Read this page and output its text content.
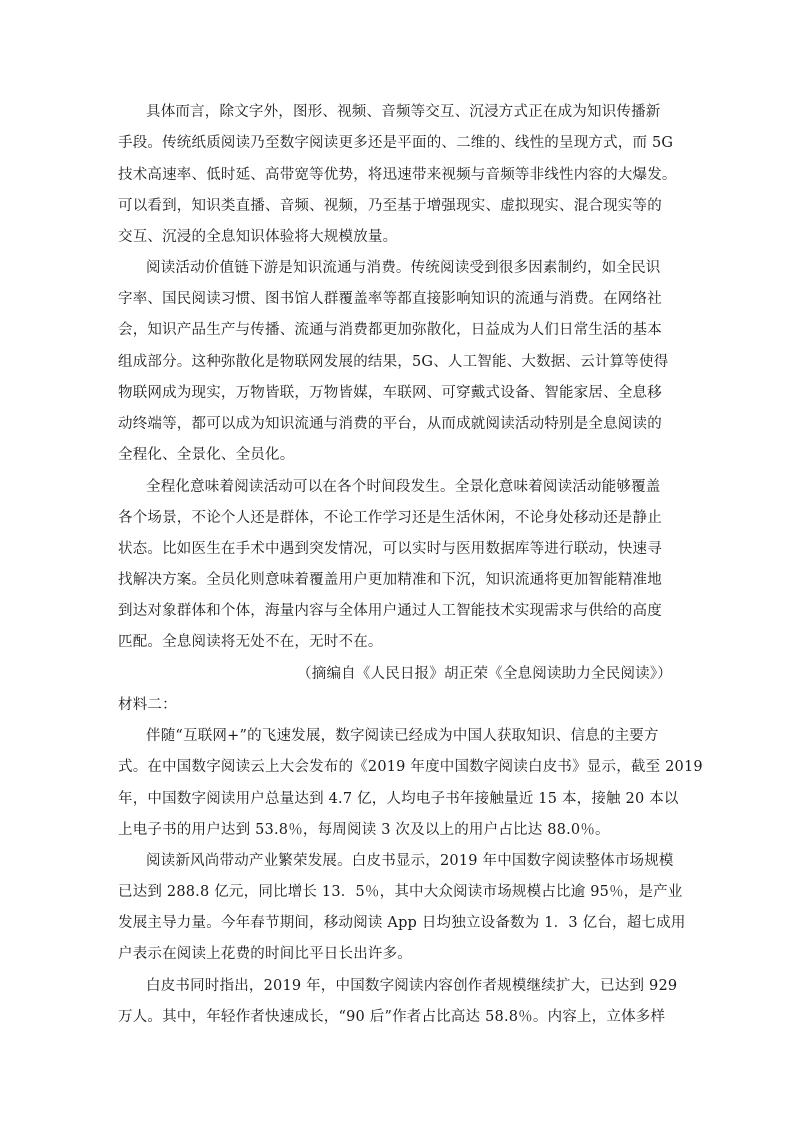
具体而言，除文字外，图形、视频、音频等交互、沉浸方式正在成为知识传播新
手段。传统纸质阅读乃至数字阅读更多还是平面的、二维的、线性的呈现方式，而 5G
技术高速率、低时延、高带宽等优势，将迅速带来视频与音频等非线性内容的大爆发。
可以看到，知识类直播、音频、视频，乃至基于增强现实、虚拟现实、混合现实等的
交互、沉浸的全息知识体验将大规模放量。
阅读活动价值链下游是知识流通与消费。传统阅读受到很多因素制约，如全民识
字率、国民阅读习惯、图书馆人群覆盖率等都直接影响知识的流通与消费。在网络社
会，知识产品生产与传播、流通与消费都更加弥散化，日益成为人们日常生活的基本
组成部分。这种弥散化是物联网发展的结果，5G、人工智能、大数据、云计算等使得
物联网成为现实，万物皆联，万物皆媒，车联网、可穿戴式设备、智能家居、全息移
动终端等，都可以成为知识流通与消费的平台，从而成就阅读活动特别是全息阅读的
全程化、全景化、全员化。
全程化意味着阅读活动可以在各个时间段发生。全景化意味着阅读活动能够覆盖
各个场景，不论个人还是群体，不论工作学习还是生活休闲，不论身处移动还是静止
状态。比如医生在手术中遇到突发情况，可以实时与医用数据库等进行联动，快速寻
找解决方案。全员化则意味着覆盖用户更加精准和下沉，知识流通将更加智能精准地
到达对象群体和个体，海量内容与全体用户通过人工智能技术实现需求与供给的高度
匹配。全息阅读将无处不在，无时不在。
（摘编自《人民日报》胡正荣《全息阅读助力全民阅读》）
材料二：
伴随“互联网+”的飞速发展，数字阅读已经成为中国人获取知识、信息的主要方
式。在中国数字阅读云上大会发布的《2019 年度中国数字阅读白皮书》显示，截至 2019
年，中国数字阅读用户总量达到 4.7 亿，人均电子书年接触量近 15 本，接触 20 本以
上电子书的用户达到 53.8％，每周阅读 3 次及以上的用户占比达 88.0％。
阅读新风尚带动产业繁荣发展。白皮书显示，2019 年中国数字阅读整体市场规模
已达到 288.8 亿元，同比增长 13．5％，其中大众阅读市场规模占比逾 95％，是产业
发展主导力量。今年春节期间，移动阅读 App 日均独立设备数为 1．3 亿台，超七成用
户表示在阅读上花费的时间比平日长出许多。
白皮书同时指出，2019 年，中国数字阅读内容创作者规模继续扩大，已达到 929
万人。其中，年轻作者快速成长，“90 后”作者占比高达 58.8％。内容上，立体多样
